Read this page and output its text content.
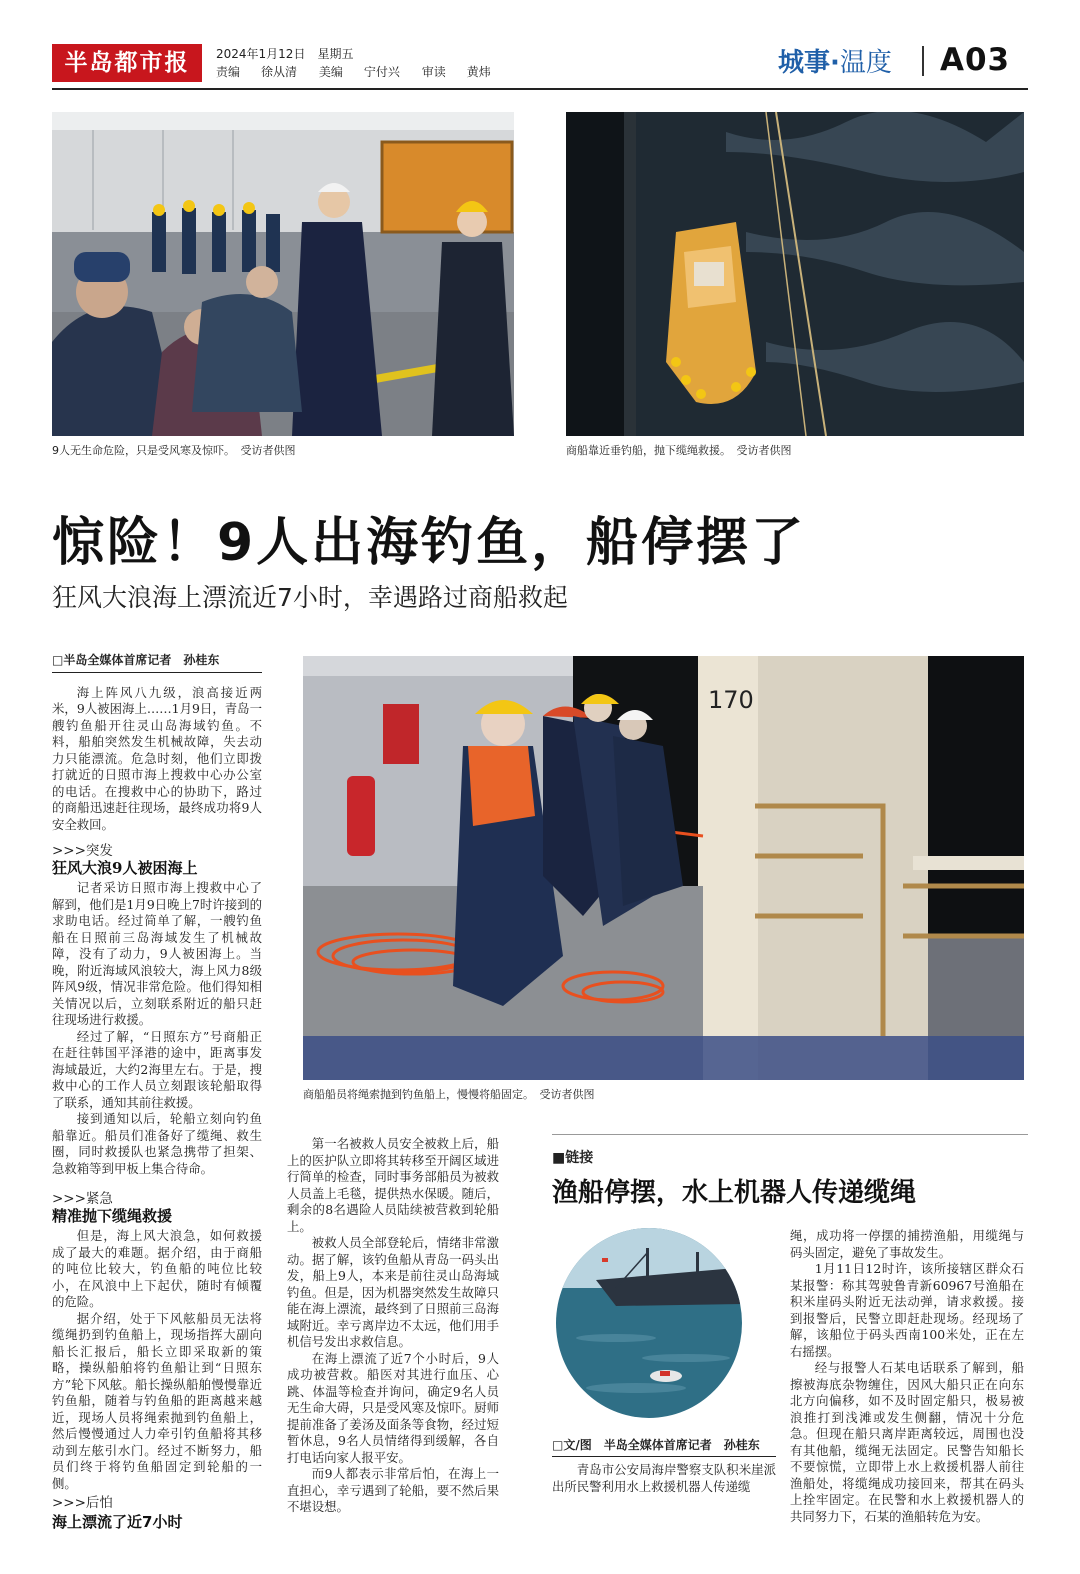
半岛都市报	2024年1月12日　星期五
责编　 徐从清 美编　 宁付兴 审读　 黄炜	城事·温度 A03
9人无生命危险，只是受风寒及惊吓。　受访者供图	商船靠近垂钓船，抛下缆绳救援。　受访者供图
惊险！9人出海钓鱼，船停摆了
狂风大浪海上漂流近7小时，幸遇路过商船救起
170
商船船员将绳索抛到钓鱼船上，慢慢将船固定。　受访者供图
□半岛全媒体首席记者　孙桂东

海上阵风八九级，浪高接近两米，9人被困海上……1月9日，青岛一艘钓鱼船开往灵山岛海域钓鱼。不料，船舶突然发生机械故障，失去动力只能漂流。危急时刻，他们立即拨打就近的日照市海上搜救中心办公室的电话。在搜救中心的协助下，路过的商船迅速赶往现场，最终成功将9人安全救回。

>>>突发
狂风大浪9人被困海上

记者采访日照市海上搜救中心了解到，他们是1月9日晚上7时许接到的求助电话。经过简单了解，一艘钓鱼船在日照前三岛海域发生了机械故障，没有了动力，9人被困海上。当晚，附近海域风浪较大，海上风力8级阵风9级，情况非常危险。他们得知相关情况以后，立刻联系附近的船只赶往现场进行救援。

经过了解，“日照东方”号商船正在赶往韩国平泽港的途中，距离事发海域最近，大约2海里左右。于是，搜救中心的工作人员立刻跟该轮船取得了联系，通知其前往救援。

接到通知以后，轮船立刻向钓鱼船靠近。船员们准备好了缆绳、救生圈，同时救援队也紧急携带了担架、急救箱等到甲板上集合待命。

>>>紧急
精准抛下缆绳救援

但是，海上风大浪急，如何救援成了最大的难题。据介绍，由于商船的吨位比较大，钓鱼船的吨位比较小，在风浪中上下起伏，随时有倾覆的危险。

据介绍，处于下风舷船员无法将缆绳扔到钓鱼船上，现场指挥大副向船长汇报后，船长立即采取新的策略，操纵船舶将钓鱼船让到“日照东方”轮下风舷。船长操纵船舶慢慢靠近钓鱼船，随着与钓鱼船的距离越来越近，现场人员将绳索抛到钓鱼船上，然后慢慢通过人力牵引钓鱼船将其移动到左舷引水门。经过不断努力，船员们终于将钓鱼船固定到轮船的一侧。

>>>后怕
海上漂流了近7小时

第一名被救人员安全被救上后，船上的医护队立即将其转移至开阔区域进行简单的检查，同时事务部船员为被救人员盖上毛毯，提供热水保暖。随后，剩余的8名遇险人员陆续被营救到轮船上。

被救人员全部登轮后，情绪非常激动。据了解，该钓鱼船从青岛一码头出发，船上9人，本来是前往灵山岛海域钓鱼。但是，因为机器突然发生故障只能在海上漂流，最终到了日照前三岛海域附近。幸亏离岸边不太远，他们用手机信号发出求救信息。

在海上漂流了近7个小时后，9人成功被营救。船医对其进行血压、心跳、体温等检查并询问，确定9名人员无生命大碍，只是受风寒及惊吓。厨师提前准备了姜汤及面条等食物，经过短暂休息，9名人员情绪得到缓解，各自打电话向家人报平安。

而9人都表示非常后怕，在海上一直担心，幸亏遇到了轮船，要不然后果不堪设想。

■链接
渔船停摆，水上机器人传递缆绳
□文/图　半岛全媒体首席记者　孙桂东

青岛市公安局海岸警察支队积米崖派出所民警利用水上救援机器人传递缆

绳，成功将一停摆的捕捞渔船，用缆绳与码头固定，避免了事故发生。

1月11日12时许，该所接辖区群众石某报警：称其驾驶鲁青新60967号渔船在积米崖码头附近无法动弹，请求救援。接到报警后，民警立即赶赴现场。经现场了解，该船位于码头西南100米处，正在左右摇摆。

经与报警人石某电话联系了解到，船擦被海底杂物缠住，因风大船只正在向东北方向偏移，如不及时固定船只，极易被浪推打到浅滩或发生侧翻，情况十分危急。但现在船只离岸距离较远，周围也没有其他船，缆绳无法固定。民警告知船长不要惊慌，立即带上水上救援机器人前往渔船处，将缆绳成功接回来，帮其在码头上拴牢固定。在民警和水上救援机器人的共同努力下，石某的渔船转危为安。
